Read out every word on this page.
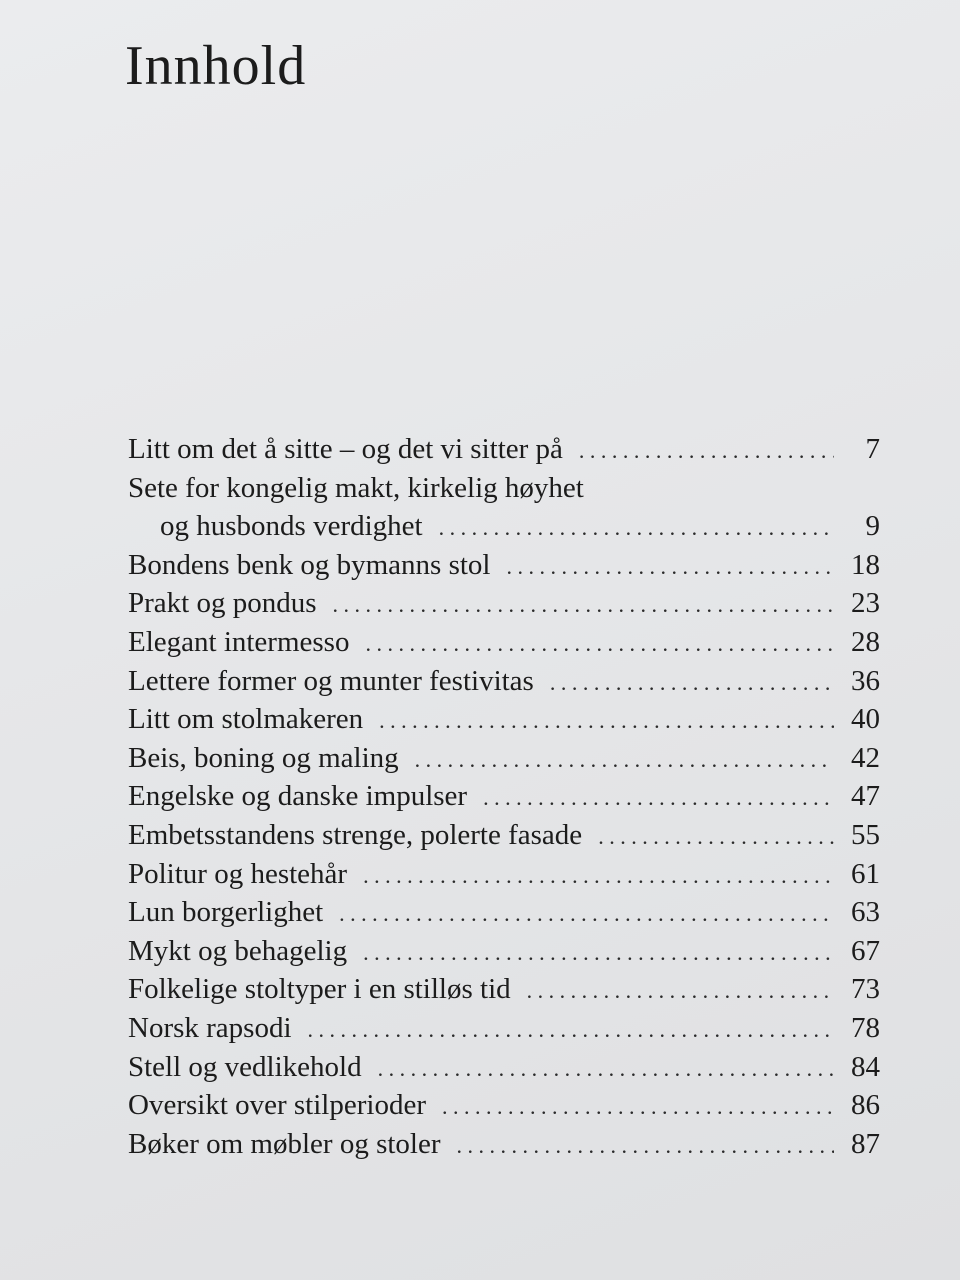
Innhold
Litt om det å sitte – og det vi sitter på . . .	7
Sete for kongelig makt, kirkelig høyhet
og husbonds verdighet . . .	9
Bondens benk og bymanns stol . . .	18
Prakt og pondus . . .	23
Elegant intermesso . . .	28
Lettere former og munter festivitas . . .	36
Litt om stolmakeren . . .	40
Beis, boning og maling . . .	42
Engelske og danske impulser . . .	47
Embetsstandens strenge, polerte fasade . . .	55
Politur og hestehår . . .	61
Lun borgerlighet . . .	63
Mykt og behagelig . . .	67
Folkelige stoltyper i en stilløs tid . . .	73
Norsk rapsodi . . .	78
Stell og vedlikehold . . .	84
Oversikt over stilperioder . . .	86
Bøker om møbler og stoler . . .	87
